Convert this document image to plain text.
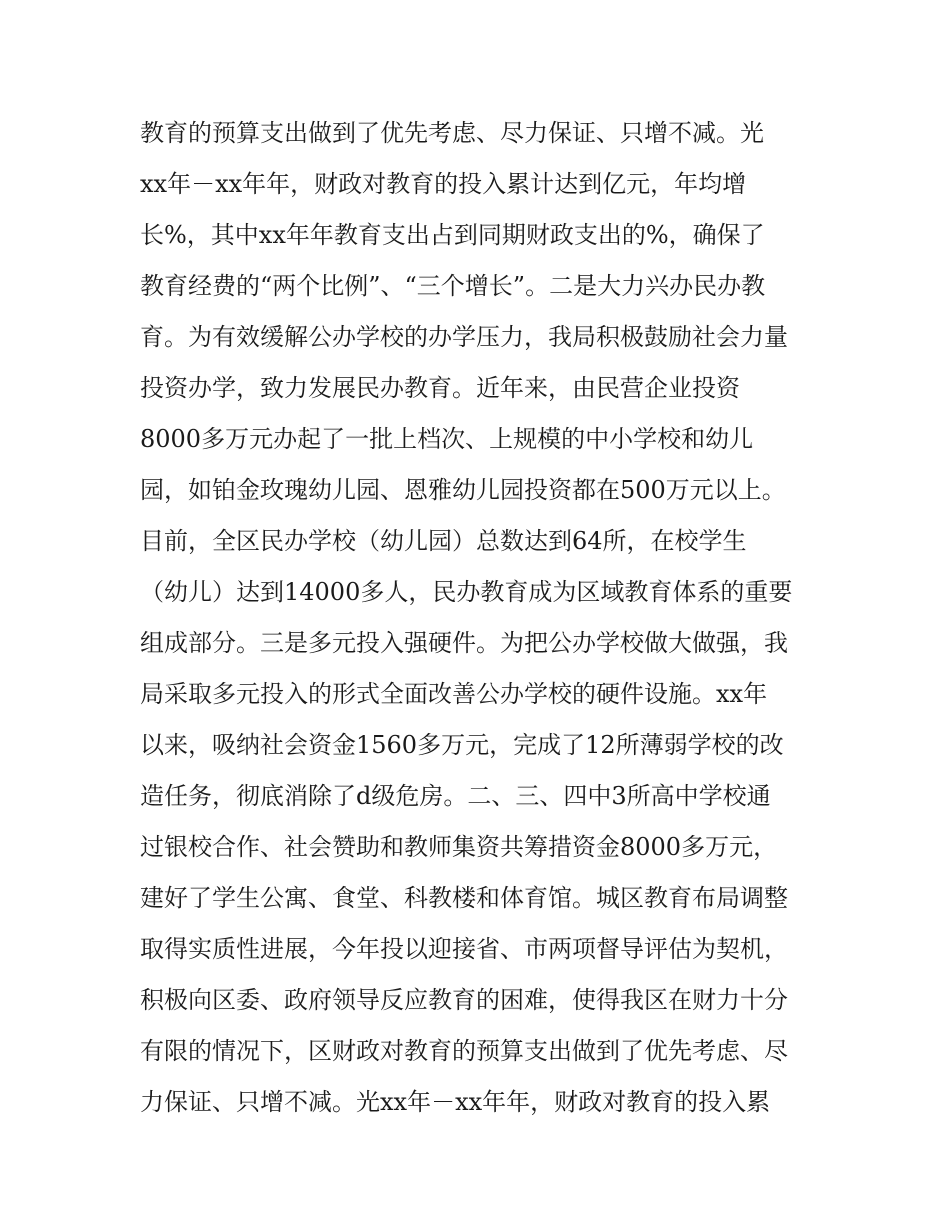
教育的预算支出做到了优先考虑、尽力保证、只增不减。光
xx年－xx年年，财政对教育的投入累计达到亿元，年均增
长%，其中xx年年教育支出占到同期财政支出的%，确保了
教育经费的“两个比例”、“三个增长”。二是大力兴办民办教
育。为有效缓解公办学校的办学压力，我局积极鼓励社会力量
投资办学，致力发展民办教育。近年来，由民营企业投资
8000多万元办起了一批上档次、上规模的中小学校和幼儿
园，如铂金玫瑰幼儿园、恩雅幼儿园投资都在500万元以上。
目前，全区民办学校（幼儿园）总数达到64所，在校学生
（幼儿）达到14000多人，民办教育成为区域教育体系的重要
组成部分。三是多元投入强硬件。为把公办学校做大做强，我
局采取多元投入的形式全面改善公办学校的硬件设施。xx年
以来，吸纳社会资金1560多万元，完成了12所薄弱学校的改
造任务，彻底消除了d级危房。二、三、四中3所高中学校通
过银校合作、社会赞助和教师集资共筹措资金8000多万元，
建好了学生公寓、食堂、科教楼和体育馆。城区教育布局调整
取得实质性进展，今年投以迎接省、市两项督导评估为契机，
积极向区委、政府领导反应教育的困难，使得我区在财力十分
有限的情况下，区财政对教育的预算支出做到了优先考虑、尽
力保证、只增不减。光xx年－xx年年，财政对教育的投入累
